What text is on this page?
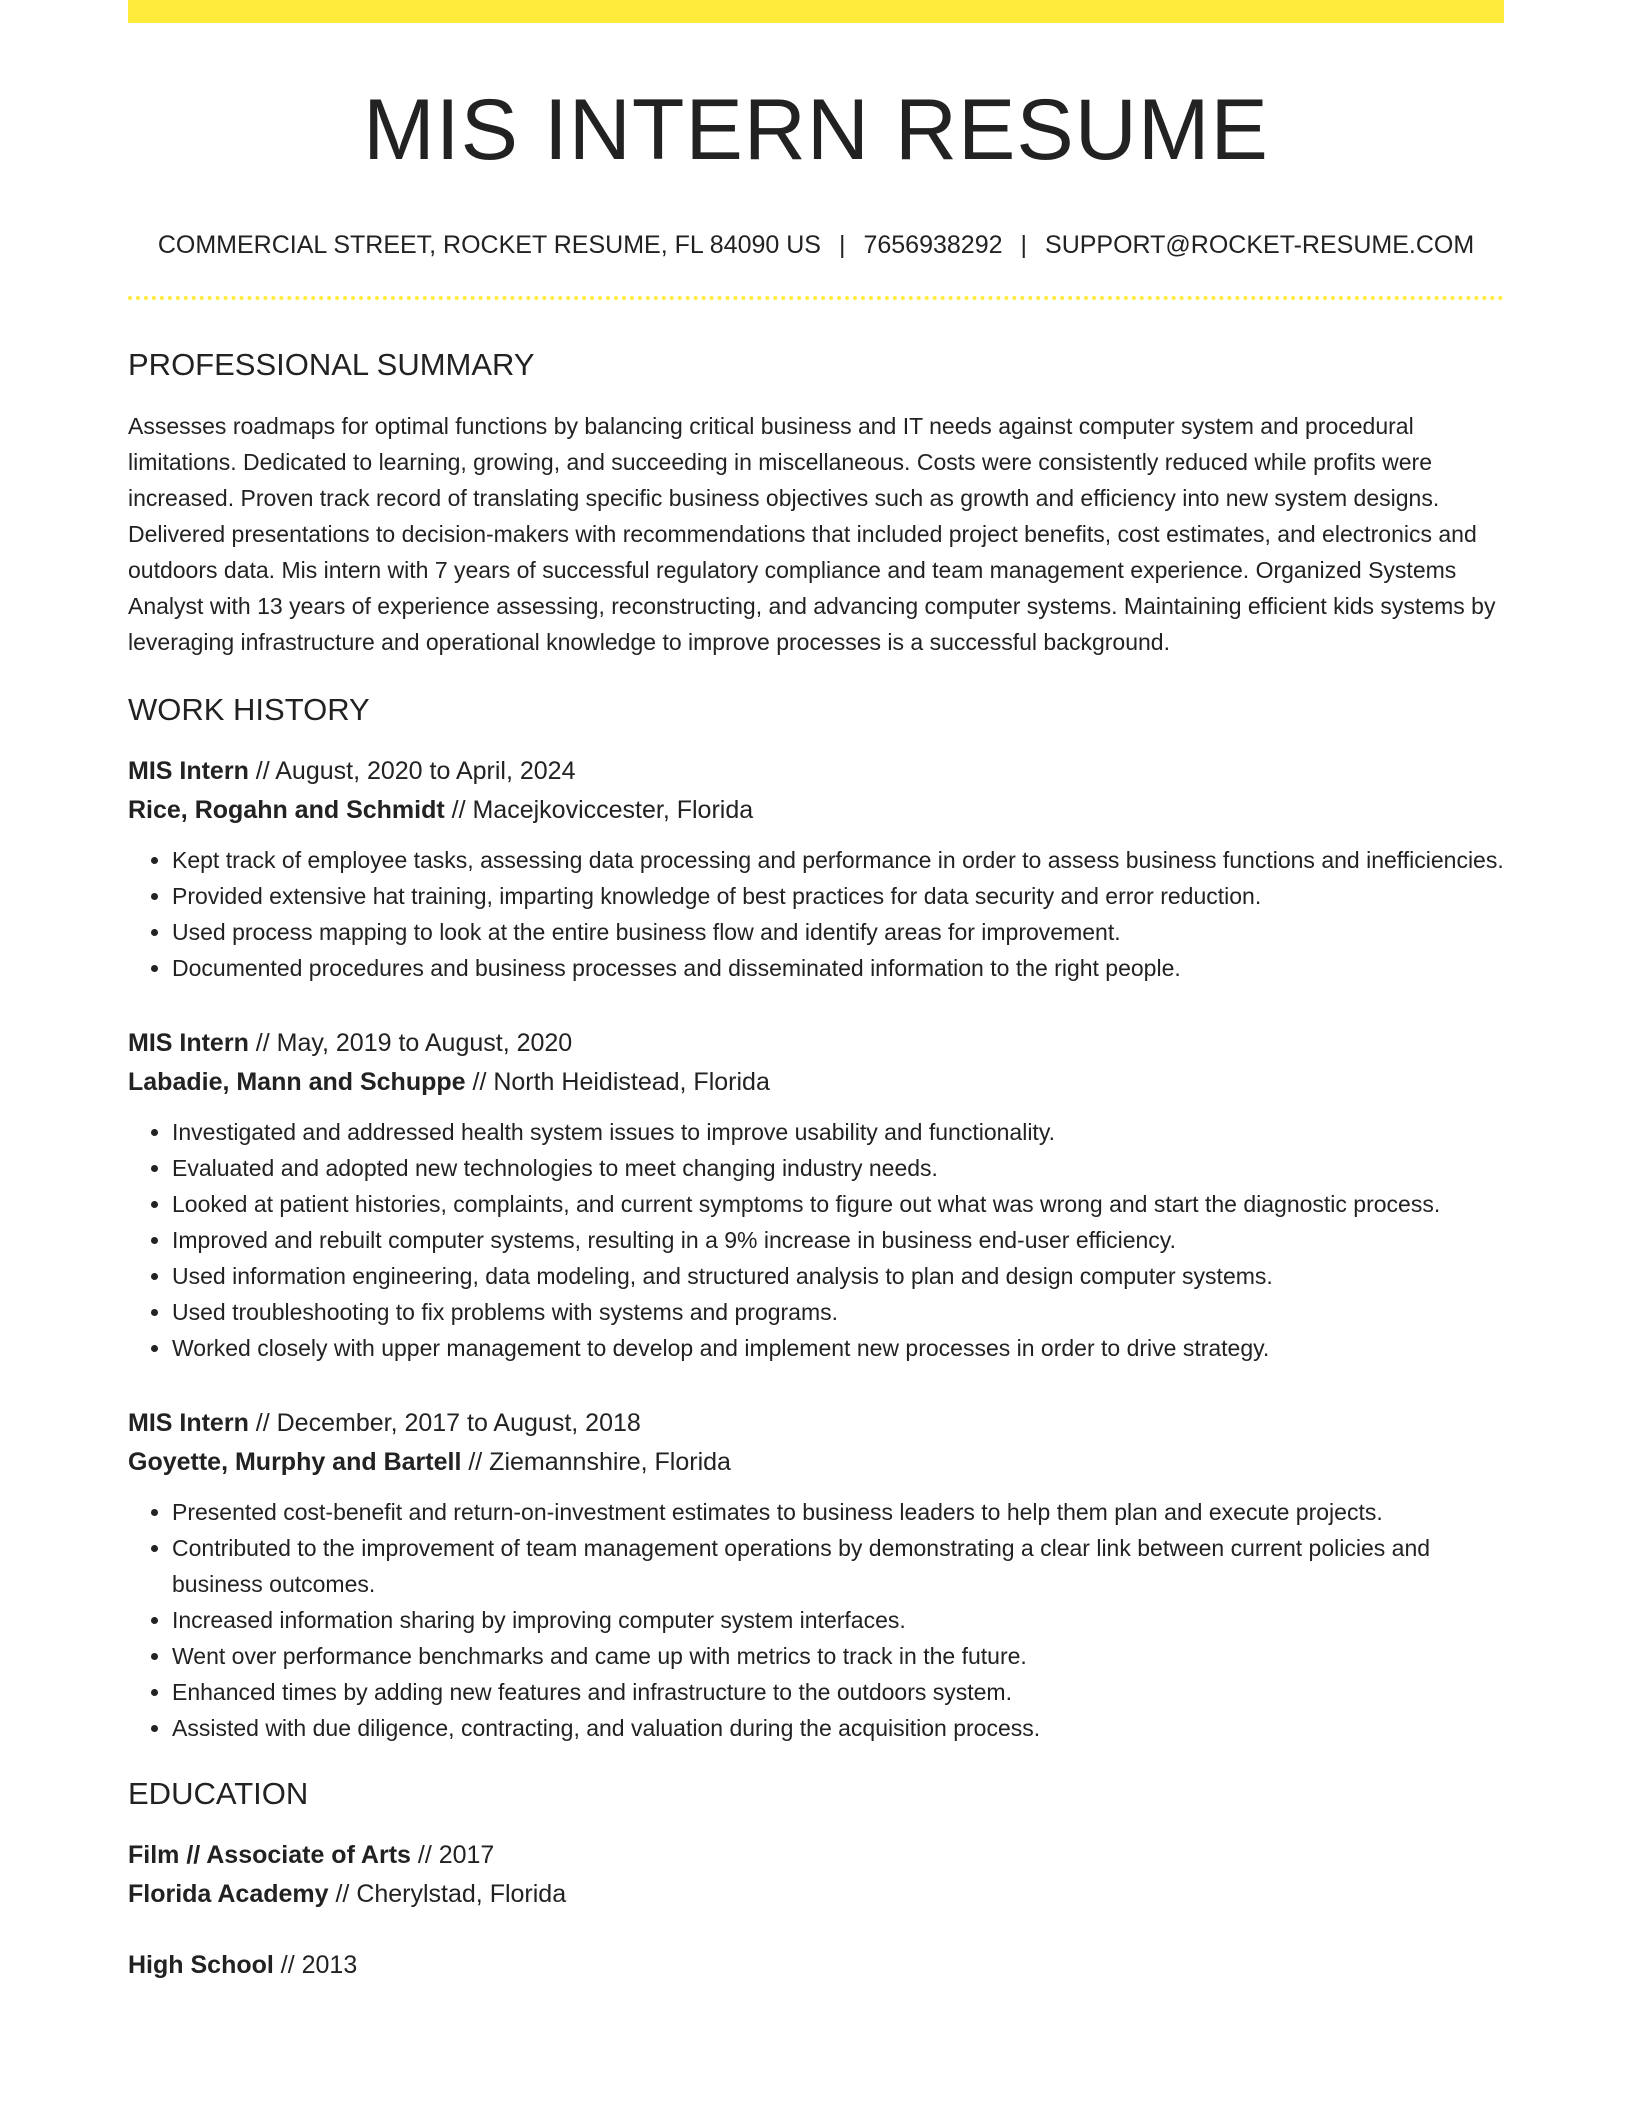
MIS INTERN RESUME
COMMERCIAL STREET, ROCKET RESUME, FL 84090 US | 7656938292 | SUPPORT@ROCKET-RESUME.COM
PROFESSIONAL SUMMARY

Assesses roadmaps for optimal functions by balancing critical business and IT needs against computer system and procedural limitations. Dedicated to learning, growing, and succeeding in miscellaneous. Costs were consistently reduced while profits were increased. Proven track record of translating specific business objectives such as growth and efficiency into new system designs. Delivered presentations to decision-makers with recommendations that included project benefits, cost estimates, and electronics and outdoors data. Mis intern with 7 years of successful regulatory compliance and team management experience. Organized Systems Analyst with 13 years of experience assessing, reconstructing, and advancing computer systems. Maintaining efficient kids systems by leveraging infrastructure and operational knowledge to improve processes is a successful background.

WORK HISTORY
MIS Intern // August, 2020 to April, 2024
Rice, Rogahn and Schmidt // Macejkoviccester, Florida
• Kept track of employee tasks, assessing data processing and performance in order to assess business functions and inefficiencies.
• Provided extensive hat training, imparting knowledge of best practices for data security and error reduction.
• Used process mapping to look at the entire business flow and identify areas for improvement.
• Documented procedures and business processes and disseminated information to the right people.
MIS Intern // May, 2019 to August, 2020
Labadie, Mann and Schuppe // North Heidistead, Florida
• Investigated and addressed health system issues to improve usability and functionality.
• Evaluated and adopted new technologies to meet changing industry needs.
• Looked at patient histories, complaints, and current symptoms to figure out what was wrong and start the diagnostic process.
• Improved and rebuilt computer systems, resulting in a 9% increase in business end-user efficiency.
• Used information engineering, data modeling, and structured analysis to plan and design computer systems.
• Used troubleshooting to fix problems with systems and programs.
• Worked closely with upper management to develop and implement new processes in order to drive strategy.
MIS Intern // December, 2017 to August, 2018
Goyette, Murphy and Bartell // Ziemannshire, Florida
• Presented cost-benefit and return-on-investment estimates to business leaders to help them plan and execute projects.
• Contributed to the improvement of team management operations by demonstrating a clear link between current policies and business outcomes.
• Increased information sharing by improving computer system interfaces.
• Went over performance benchmarks and came up with metrics to track in the future.
• Enhanced times by adding new features and infrastructure to the outdoors system.
• Assisted with due diligence, contracting, and valuation during the acquisition process.
EDUCATION
Film // Associate of Arts // 2017
Florida Academy // Cherylstad, Florida
High School // 2013
